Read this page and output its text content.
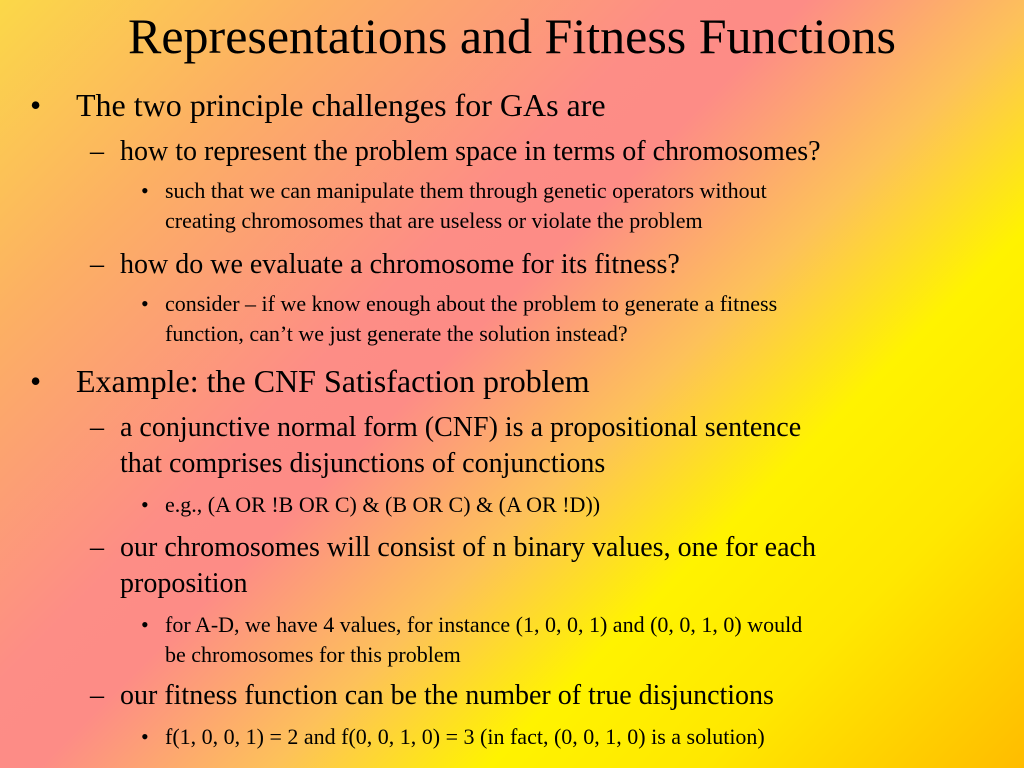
Representations and Fitness Functions
• The two principle challenges for GAs are
– how to represent the problem space in terms of chromosomes?
• such that we can manipulate them through genetic operators without
creating chromosomes that are useless or violate the problem
– how do we evaluate a chromosome for its fitness?
• consider – if we know enough about the problem to generate a fitness
function, can’t we just generate the solution instead?
• Example: the CNF Satisfaction problem
– a conjunctive normal form (CNF) is a propositional sentence
that comprises disjunctions of conjunctions
• e.g., (A OR !B OR C) & (B OR C) & (A OR !D))
– our chromosomes will consist of n binary values, one for each
proposition
• for A-D, we have 4 values, for instance (1, 0, 0, 1) and (0, 0, 1, 0) would
be chromosomes for this problem
– our fitness function can be the number of true disjunctions
• f(1, 0, 0, 1) = 2 and f(0, 0, 1, 0) = 3 (in fact, (0, 0, 1, 0) is a solution)
